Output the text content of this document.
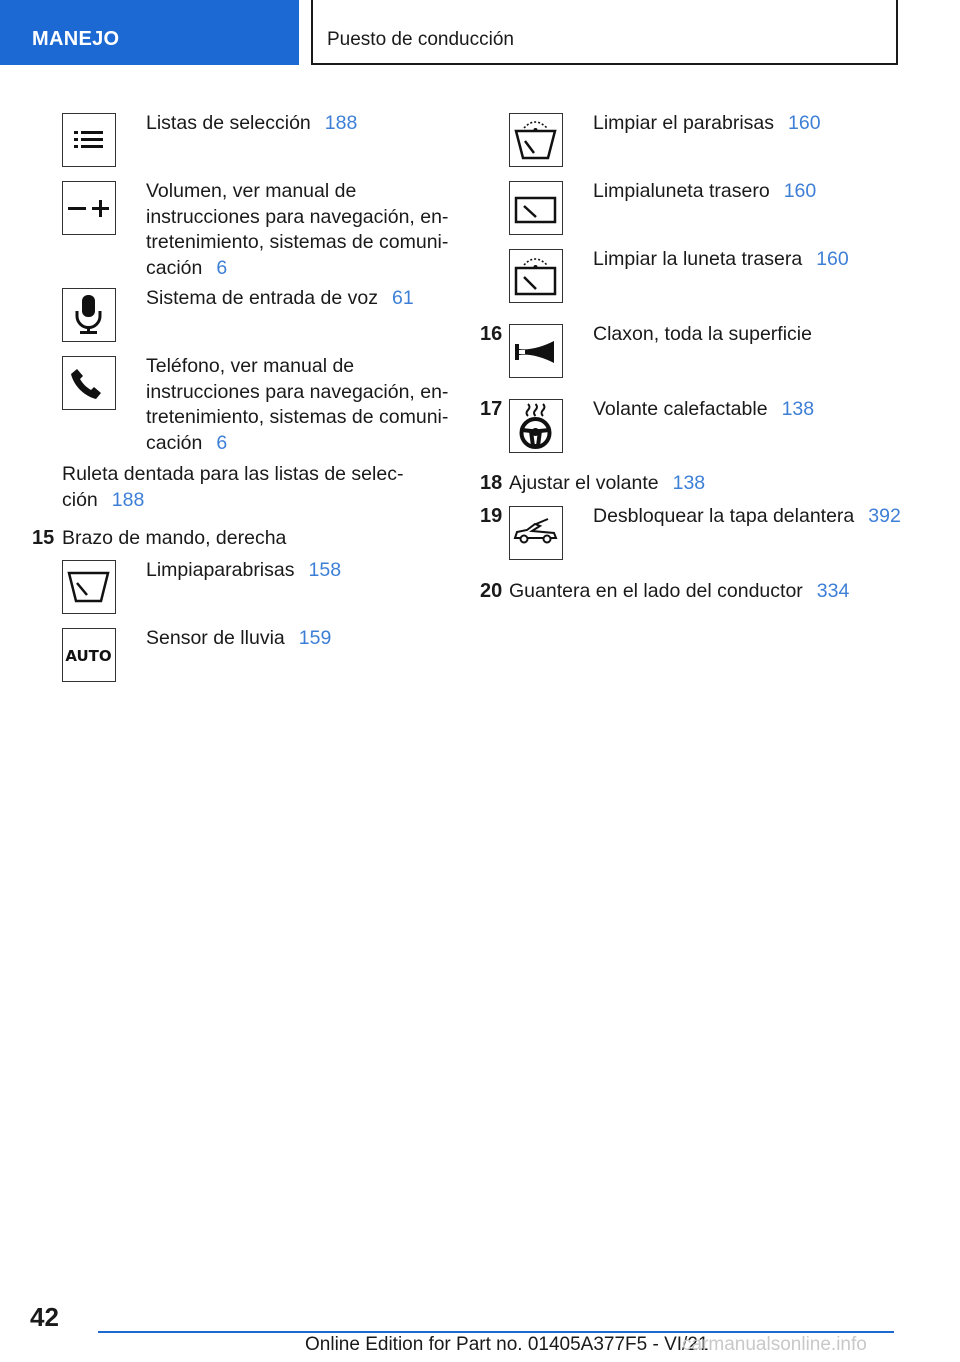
MANEJO	Puesto de conducción
Listas de selección 188
Volumen, ver manual de
instrucciones para navegación, en-
tretenimiento, sistemas de comuni-
cación 6
Sistema de entrada de voz 61
Teléfono, ver manual de
instrucciones para navegación, en-
tretenimiento, sistemas de comuni-
cación 6
Ruleta dentada para las listas de selec-
ción 188
15 Brazo de mando, derecha
Limpiaparabrisas 158
AUTO
Sensor de lluvia 159
Limpiar el parabrisas 160
Limpialuneta trasero 160
Limpiar la luneta trasera 160
16	Claxon, toda la superficie
17	Volante calefactable 138
18 Ajustar el volante 138
19	Desbloquear la tapa delantera 392
20 Guantera en el lado del conductor 334
42
Online Edition for Part no. 01405A377F5 - VI/21
carmanualsonline.info
